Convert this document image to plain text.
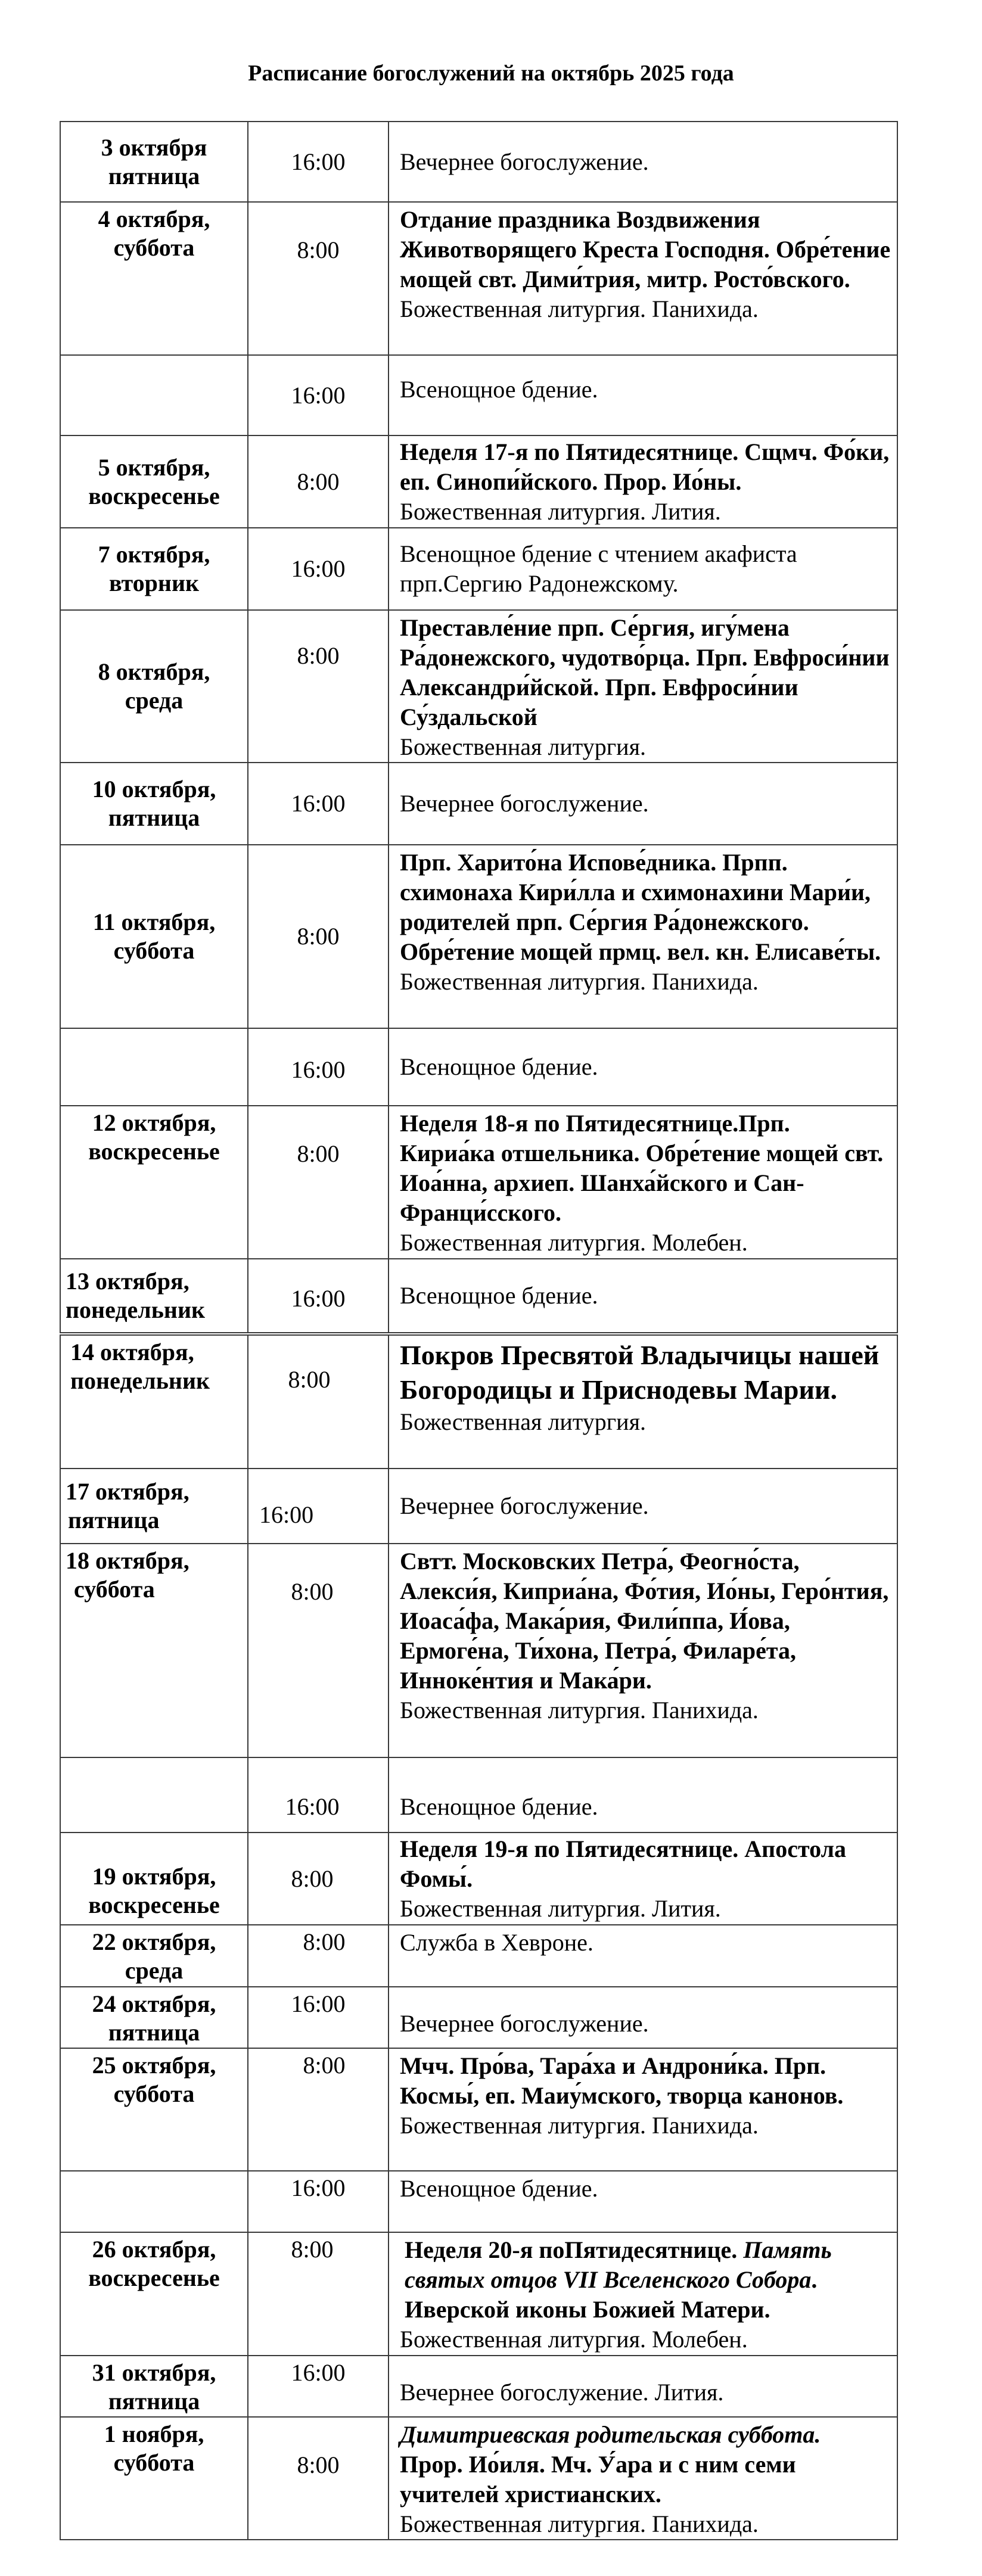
Расписание богослужений на октябрь 2025 года
3 октября
пятница	16:00	Вечернее богослужение.

4 октября,
суббота	8:00	Отдание праздника Воздвижения Животворящего Креста Господня. Обре́тение мощей свт. Дими́трия, митр. Росто́вского.
Божественная литургия. Панихида.

	16:00	Всенощное бдение.

5 октября,
воскресенье	8:00	Неделя 17-я по Пятидесятнице. Сщмч. Фо́ки, еп. Синопи́йского. Прор. Ио́ны.
Божественная литургия. Лития.

7 октября,
вторник	16:00	Всенощное бдение с чтением акафиста прп.Сергию Радонежскому.

8 октября,
среда	8:00	Преставле́ние прп. Се́ргия, игу́мена Ра́донежского, чудотво́рца. Прп. Евфроси́нии Александри́йской. Прп. Евфроси́нии Су́здальской
Божественная литургия.

10 октября,
пятница	16:00	Вечернее богослужение.

11 октября,
суббота	8:00	Прп. Харито́на Испове́дника. Прпп. схимонаха Кири́лла и схимонахини Мари́и, родителей прп. Се́ргия Ра́донежского. Обре́тение мощей прмц. вел. кн. Елисаве́ты.
Божественная литургия. Панихида.

	16:00	Всенощное бдение.

12 октября,
воскресенье	8:00	Неделя 18-я по Пятидесятнице.Прп. Кириа́ка отшельника. Обре́тение мощей свт. Иоа́нна, архиеп. Шанха́йского и Сан-Франци́сского.
Божественная литургия. Молебен.

13 октября,
понедельник	16:00	Всенощное бдение.

14 октября,
понедельник	8:00	Покров Пресвятой Владычицы нашей Богородицы и Приснодевы Марии.
Божественная литургия.

17 октября,
пятница	16:00	Вечернее богослужение.

18 октября,
суббота	8:00	Свтт. Московских Петра́, Феогно́ста, Алекси́я, Киприа́на, Фо́тия, Ио́ны, Геро́нтия, Иоаса́фа, Мака́рия, Фили́ппа, И́ова, Ермоге́на, Ти́хона, Петра́, Филаре́та, Иннoке́нтия и Мака́ри.
Божественная литургия. Панихида.

	16:00	Всенощное бдение.

19 октября,
воскресенье	8:00	Неделя 19-я по Пятидесятнице. Апостола Фомы́.
Божественная литургия. Лития.

22 октября,
среда	8:00	Служба в Хевроне.

24 октября,
пятница	16:00	Вечернее богослужение.

25 октября,
суббота	8:00	Мчч. Про́ва, Тара́ха и Андрони́ка. Прп. Космы́, еп. Маиу́мского, творца канонов.
Божественная литургия. Панихида.

	16:00	Всенощное бдение.

26 октября,
воскресенье	8:00	Неделя 20-я поПятидесятнице. Память святых отцов VII Вселенского Собора. Иверской иконы Божией Матери.
Божественная литургия. Молебен.

31 октября,
пятница	16:00	Вечернее богослужение. Лития.

1 ноября,
суббота	8:00	Димитриевская родительская суббота.
Прор. Ио́иля. Мч. У́ара и с ним семи учителей христианских.
Божественная литургия. Панихида.
